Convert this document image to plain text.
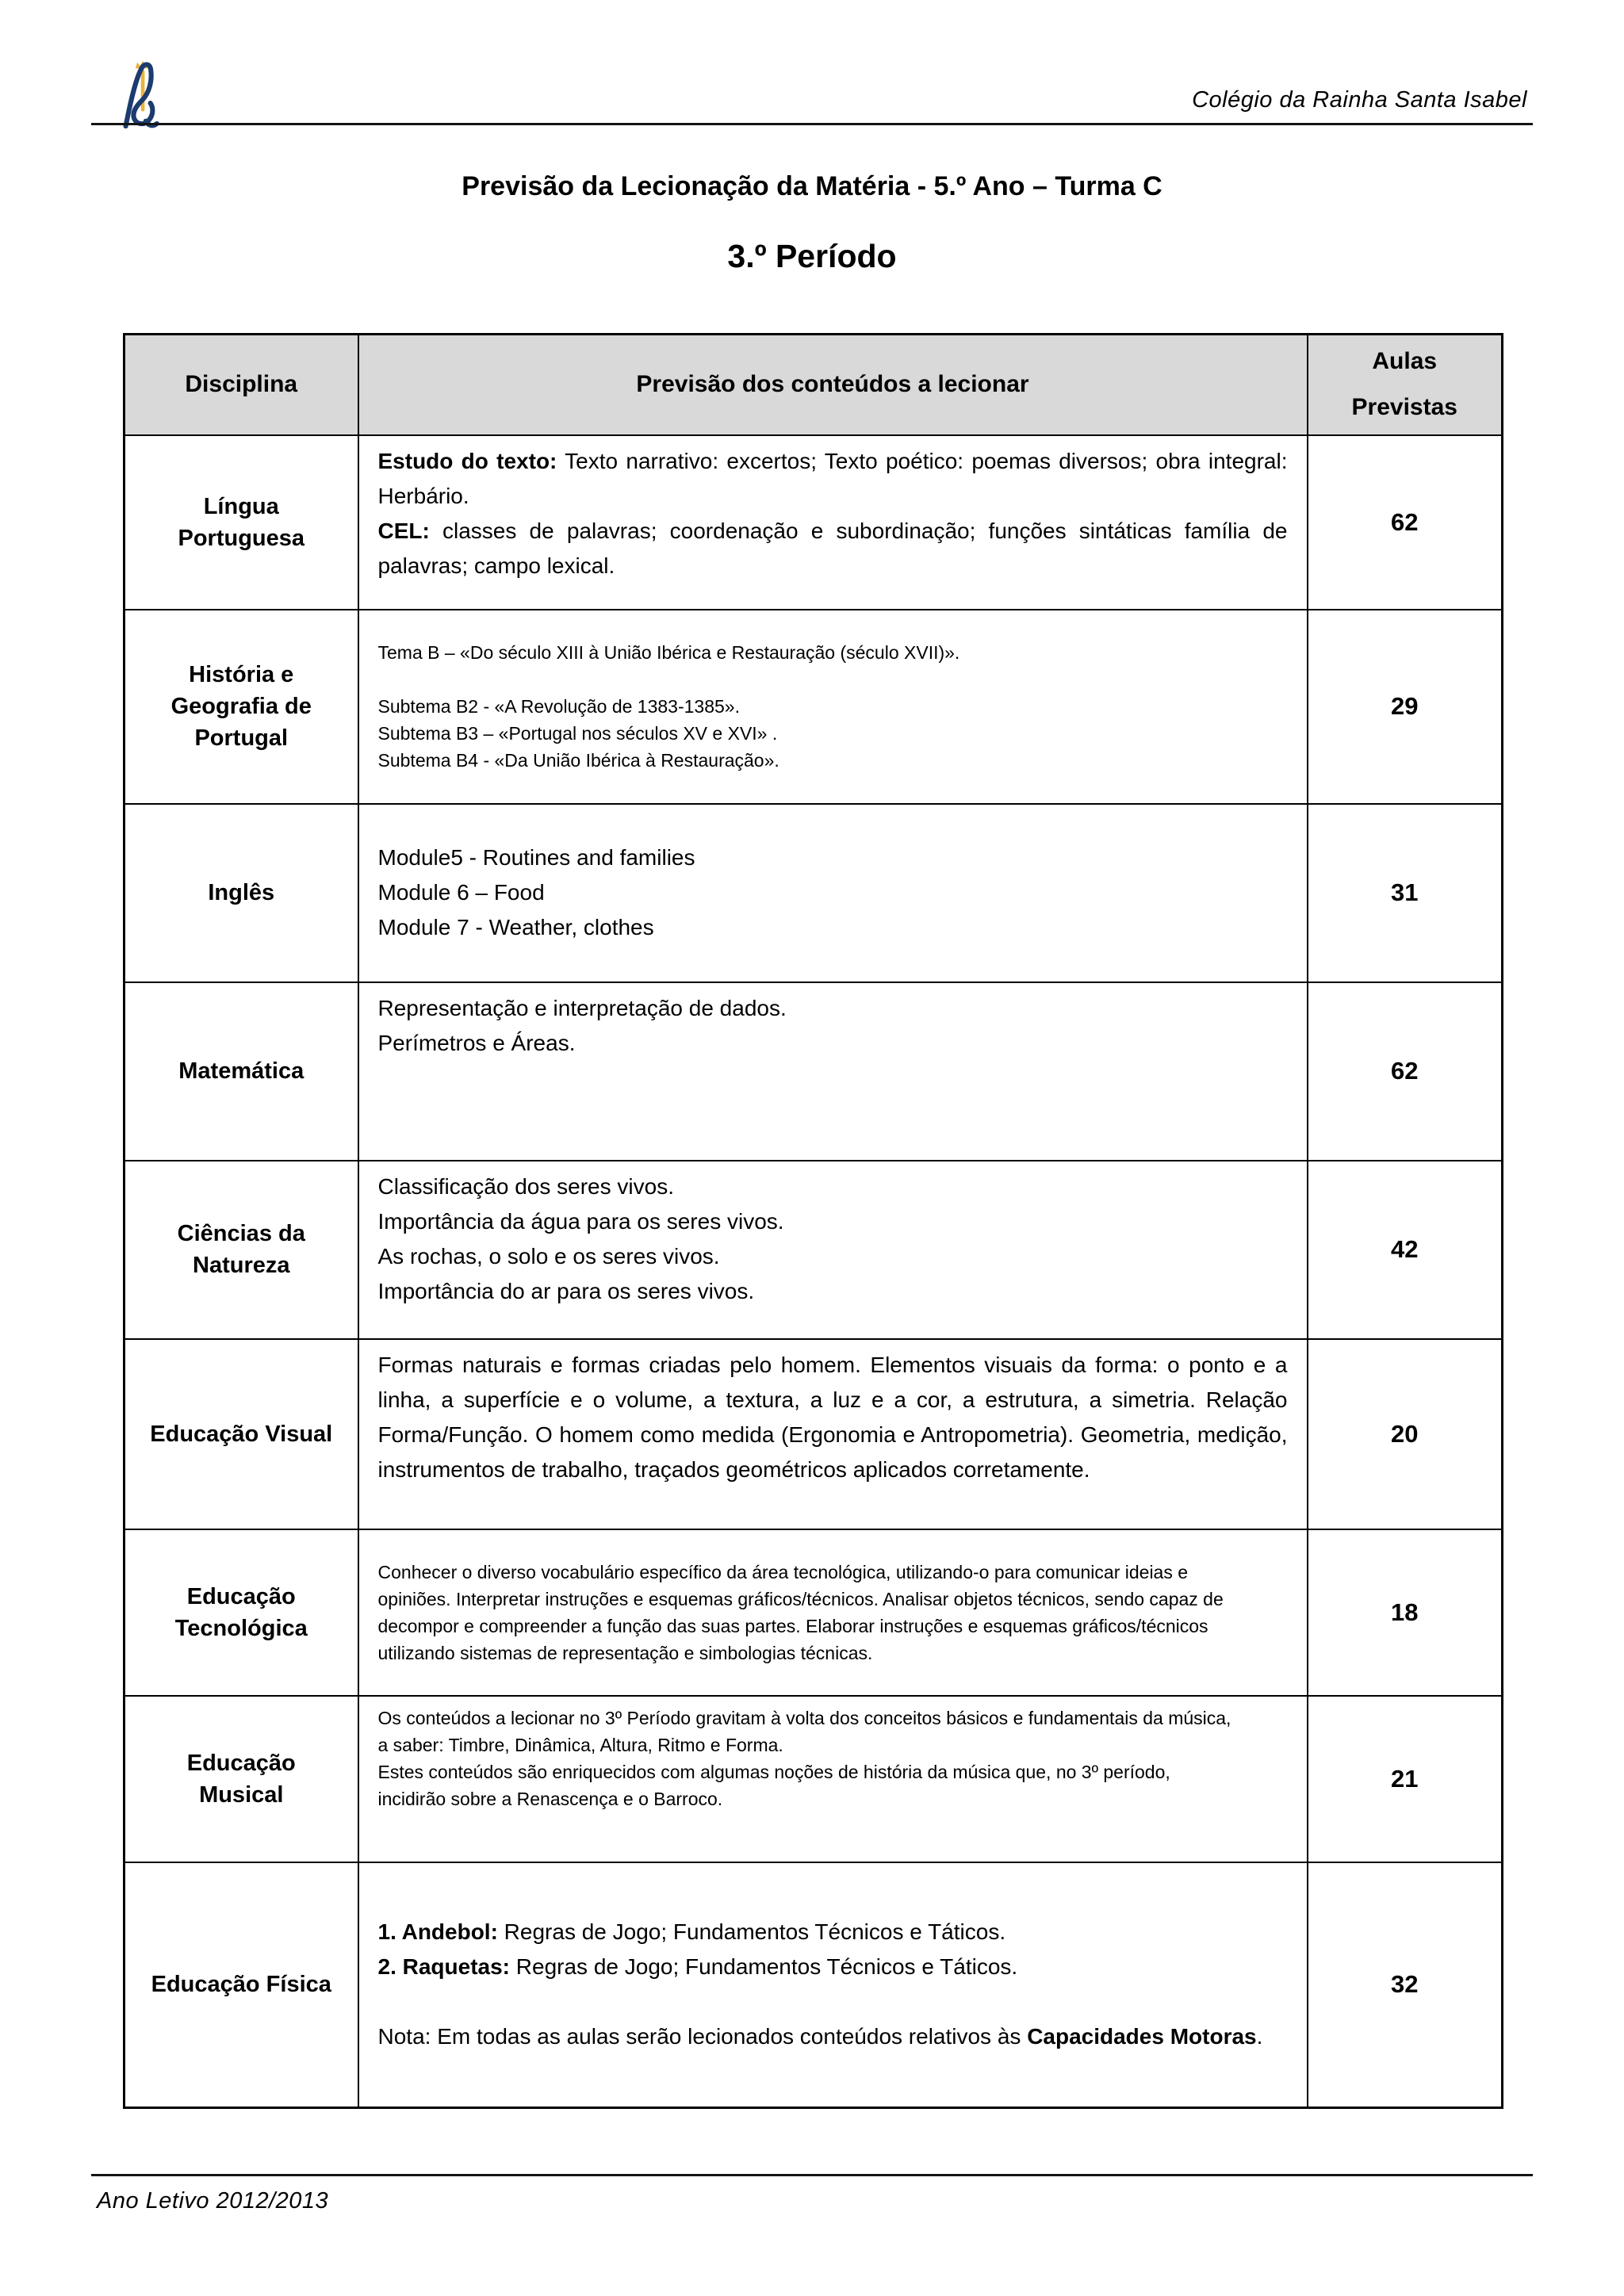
Colégio da Rainha Santa Isabel
Previsão da Lecionação da Matéria - 5.º Ano – Turma C
3.º Período
Disciplina	Previsão dos conteúdos a lecionar	Aulas
Previstas

Língua Portuguesa	Estudo do texto: Texto narrativo: excertos; Texto poético: poemas diversos; obra integral: Herbário.

CEL: classes de palavras; coordenação e subordinação; funções sintáticas família de palavras; campo lexical.	62
História e Geografia de Portugal	Tema B – «Do século XIII à União Ibérica e Restauração (século XVII)».

Subtema B2 - «A Revolução de 1383-1385».

Subtema B3 – «Portugal nos séculos XV e XVI» .

Subtema B4 - «Da União Ibérica à Restauração».	29
Inglês	Module5 - Routines and families

Module 6 – Food

Module 7 - Weather, clothes	31
Matemática	Representação e interpretação de dados.

Perímetros e Áreas.	62
Ciências da Natureza	Classificação dos seres vivos.

Importância da água para os seres vivos.

As rochas, o solo e os seres vivos.

Importância do ar para os seres vivos.	42
Educação Visual	Formas naturais e formas criadas pelo homem. Elementos visuais da forma: o ponto e a linha, a superfície e o volume, a textura, a luz e a cor, a estrutura, a simetria. Relação Forma/Função. O homem como medida (Ergonomia e Antropometria). Geometria, medição, instrumentos de trabalho, traçados geométricos aplicados corretamente.	20
Educação Tecnológica	Conhecer o diverso vocabulário específico da área tecnológica, utilizando-o para comunicar ideias e opiniões. Interpretar instruções e esquemas gráficos/técnicos. Analisar objetos técnicos, sendo capaz de decompor e compreender a função das suas partes. Elaborar instruções e esquemas gráficos/técnicos utilizando sistemas de representação e simbologias técnicas.	18
Educação Musical	Os conteúdos a lecionar no 3º Período gravitam à volta dos conceitos básicos e fundamentais da música, a saber: Timbre, Dinâmica, Altura, Ritmo e Forma.

Estes conteúdos são enriquecidos com algumas noções de história da música que, no 3º período, incidirão sobre a Renascença e o Barroco.	21
Educação Física	1. Andebol: Regras de Jogo; Fundamentos Técnicos e Táticos.

2. Raquetas: Regras de Jogo; Fundamentos Técnicos e Táticos.

Nota: Em todas as aulas serão lecionados conteúdos relativos às Capacidades Motoras.	32
Ano Letivo 2012/2013
